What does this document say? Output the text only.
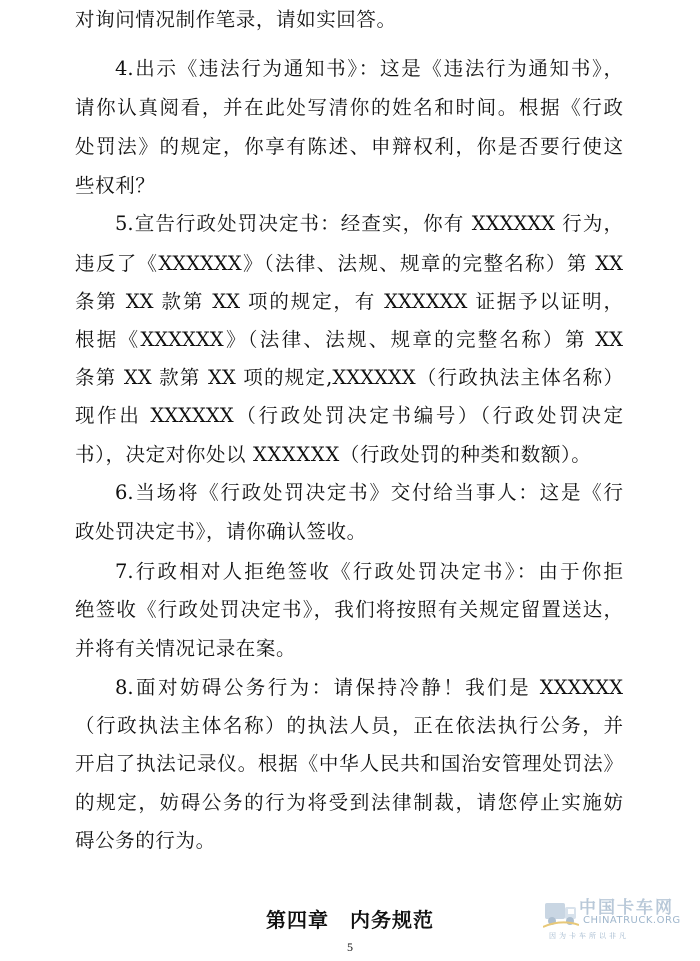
对询问情况制作笔录，请如实回答。
4.出示《违法行为通知书》：这是《违法行为通知书》，
请你认真阅看，并在此处写清你的姓名和时间。根据《行政
处罚法》的规定，你享有陈述、申辩权利，你是否要行使这
些权利？
5.宣告行政处罚决定书：经查实，你有 XXXXXX 行为，
违反了《XXXXXX》（法律、法规、规章的完整名称）第 XX
条第 XX 款第 XX 项的规定，有 XXXXXX 证据予以证明，
根据《XXXXXX》（法律、法规、规章的完整名称）第 XX
条第 XX 款第 XX 项的规定,XXXXXX（行政执法主体名称）
现作出 XXXXXX（行政处罚决定书编号）（行政处罚决定
书），决定对你处以 XXXXXX（行政处罚的种类和数额）。
6.当场将《行政处罚决定书》交付给当事人：这是《行
政处罚决定书》，请你确认签收。
7.行政相对人拒绝签收《行政处罚决定书》：由于你拒
绝签收《行政处罚决定书》，我们将按照有关规定留置送达，
并将有关情况记录在案。
8.面对妨碍公务行为：请保持冷静！我们是 XXXXXX
（行政执法主体名称）的执法人员，正在依法执行公务，并
开启了执法记录仪。根据《中华人民共和国治安管理处罚法》
的规定，妨碍公务的行为将受到法律制裁，请您停止实施妨
碍公务的行为。
第四章　内务规范
5
中国卡车网
CHINATRUCK.ORG
因为卡车所以非凡
